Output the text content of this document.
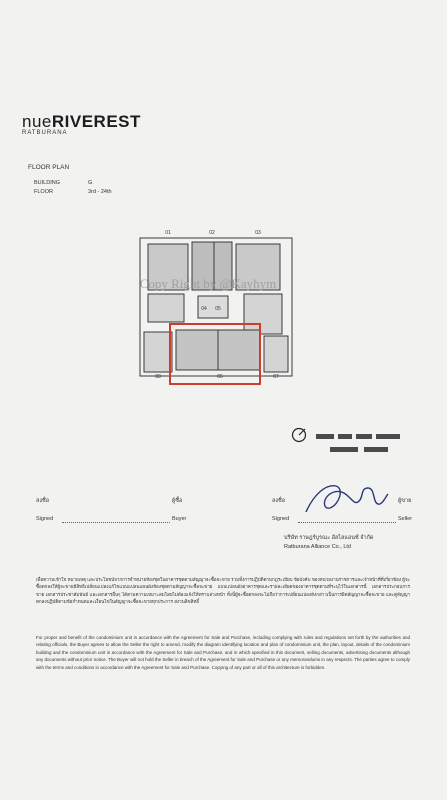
nueRIVEREST
RATBURANA
FLOOR PLAN
BUILDING	G
FLOOR	3rd - 24th
01	02	03
04 05
06
08	07
Copy Right by @Kayhym
ลงชื่อ	ผู้ซื้อ
Signed	Buyer
ลงชื่อ	ผู้ขาย
Signed	Seller
บริษัท ราษฎร์บูรณะ อัลไลแอนซ์ จำกัด
Ratburana Alliance Co., Ltd
เพื่อความเข้าใจ หมายเหตุ และประโยชน์จากการจำหน่ายห้องชุดในอาคารชุดตามสัญญาจะซื้อจะขาย รวมทั้งการปฏิบัติตามกฎระเบียบ ข้อบังคับ ของหน่วยงานราชการและเจ้าหน้าที่ที่เกี่ยวข้อง ผู้จะซื้อตกลงให้ผู้จะขายมีสิทธิเปลี่ยนแปลงแก้ไขแบบแปลนแผนผังห้องชุดตามสัญญาจะซื้อจะขาย แบบแปลนผังอาคารชุดและรายละเอียดของอาคารชุดตามที่ระบุไว้ในเอกสารนี้ เอกสารประกอบการขาย เอกสารประชาสัมพันธ์ และเอกสารอื่นๆ ได้ตามความเหมาะสมโดยไม่ต้องแจ้งให้ทราบล่วงหน้า ทั้งนี้ผู้จะซื้อตกลงจะไม่ถือว่าการเปลี่ยนแปลงดังกล่าวเป็นการผิดสัญญาจะซื้อจะขาย และคู่สัญญาตกลงปฏิบัติตามข้อกำหนดและเงื่อนไขในสัญญาจะซื้อจะขายทุกประการ สงวนลิขสิทธิ์
For proper and benefit of the condominium unit in accordance with the Agreement for Sale and Purchase, including complying with rules and regulations set forth by the authorities and relating officials, the Buyer agrees to allow the Seller the right to amend, modify the diagram identifying location and plan of condominium unit, the plan, layout, details of the condominium building and the condominium unit in accordance with the Agreement for Sale and Purchase, and in which specified in this document, selling documents, advertising documents although any documents without prior notice. The Buyer will not hold the Seller in breach of the Agreement for Sale and Purchase or any memorandums in any respects. The parties agree to comply with the terms and conditions in accordance with the Agreement for Sale and Purchase. Copying of any part or all of this architecture is forbidden.
